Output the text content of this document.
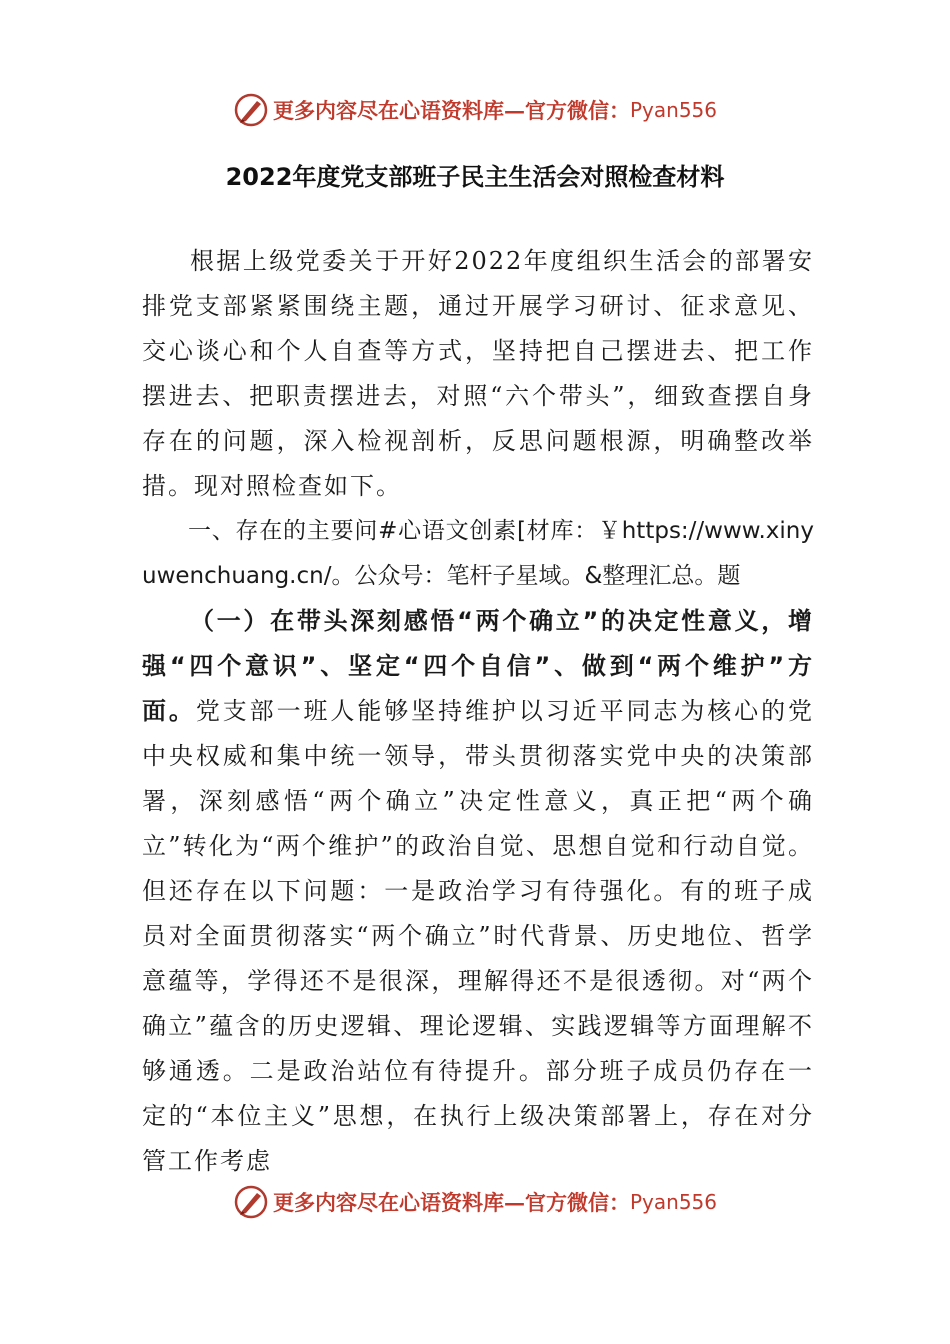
更多内容尽在心语资料库—官方微信： Pyan556
2022年度党支部班子民主生活会对照检查材料

根据上级党委关于开好2022年度组织生活会的部署安排党支部紧紧围绕主题，通过开展学习研讨、征求意见、交心谈心和个人自查等方式，坚持把自己摆进去、把工作摆进去、把职责摆进去，对照“六个带头”，细致查摆自身存在的问题，深入检视剖析，反思问题根源，明确整改举措。现对照检查如下。

一、存在的主要问#心语文创素[材库：￥https://www.xinyuwenchuang.cn/。公众号：笔杆子星域。&整理汇总。题

（一）在带头深刻感悟“两个确立”的决定性意义，增强“四个意识”、坚定“四个自信”、做到“两个维护”方面。党支部一班人能够坚持维护以习近平同志为核心的党中央权威和集中统一领导，带头贯彻落实党中央的决策部署，深刻感悟“两个确立”决定性意义，真正把“两个确立”转化为“两个维护”的政治自觉、思想自觉和行动自觉。但还存在以下问题：一是政治学习有待强化。有的班子成员对全面贯彻落实“两个确立”时代背景、历史地位、哲学意蕴等，学得还不是很深，理解得还不是很透彻。对“两个确立”蕴含的历史逻辑、理论逻辑、实践逻辑等方面理解不够通透。二是政治站位有待提升。部分班子成员仍存在一定的“本位主义”思想，在执行上级决策部署上，存在对分管工作考虑

更多内容尽在心语资料库—官方微信： Pyan556
